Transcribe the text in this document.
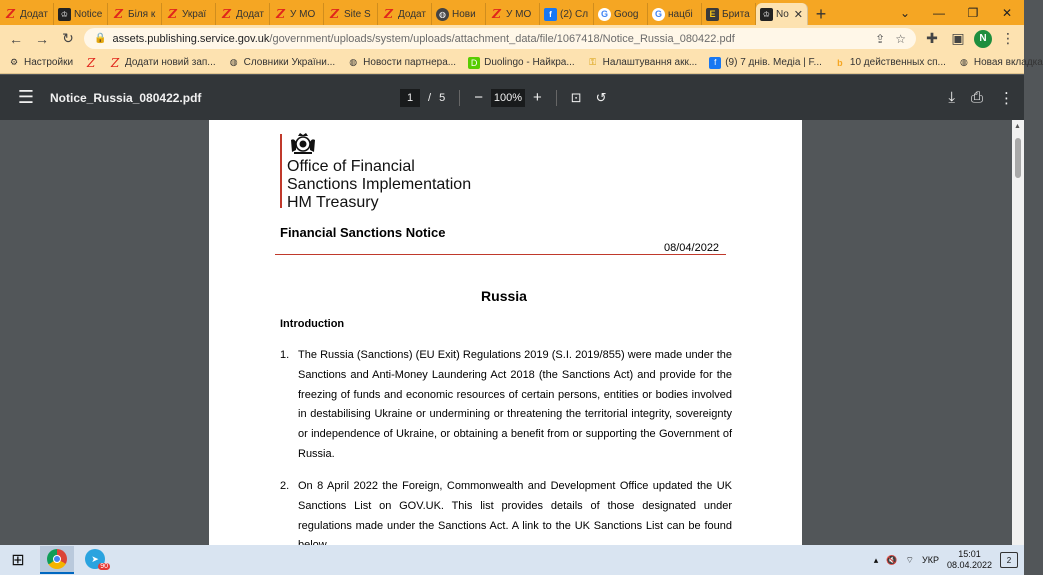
Z Додат	♔ Notice Z Біля к Z Украї Z Додат Z У МО Z Site S Z Додат	◍ Нови Z У МО	f (2) Сл	G Goog	G нацбі	E Брита	♔ No ✕ +	⌄	—	❐	✕
← → ↻	🔒 assets.publishing.service.gov.uk/government/uploads/system/uploads/attachment_data/file/1067418/Notice_Russia_080422.pdf	⇪ ☆ ✚ ▣	N	⋮
⚙ Настройки Z Z Додати новий зап... ◍ Словники України... ◍ Новости партнера...	D Duolingo - Найкра... ⚿ Налаштування акк...	f (9) 7 днів. Медіа | F...	b 10 действенных сп... ◍ Новая вкладка
☰	Notice_Russia_080422.pdf	1	/ 5 − 100% + ⊡ ↺	⤓ ⎙ ⋮
Office of Financial
Sanctions Implementation
HM Treasury
Financial Sanctions Notice
08/04/2022
Russia
Introduction
1. The Russia (Sanctions) (EU Exit) Regulations 2019 (S.I. 2019/855) were made under the Sanctions and Anti-Money Laundering Act 2018 (the Sanctions Act) and provide for the freezing of funds and economic resources of certain persons, entities or bodies involved in destabilising Ukraine or undermining or threatening the territorial integrity, sovereignty or independence of Ukraine, or obtaining a benefit from or supporting the Government of Russia.
2. On 8 April 2022 the Foreign, Commonwealth and Development Office updated the UK Sanctions List on GOV.UK. This list provides details of those designated under regulations made under the Sanctions Act. A link to the UK Sanctions List can be found
▲
⊞	➤
90
▴ 🔇 ⌔ УКР
15:01
08.04.2022	2
